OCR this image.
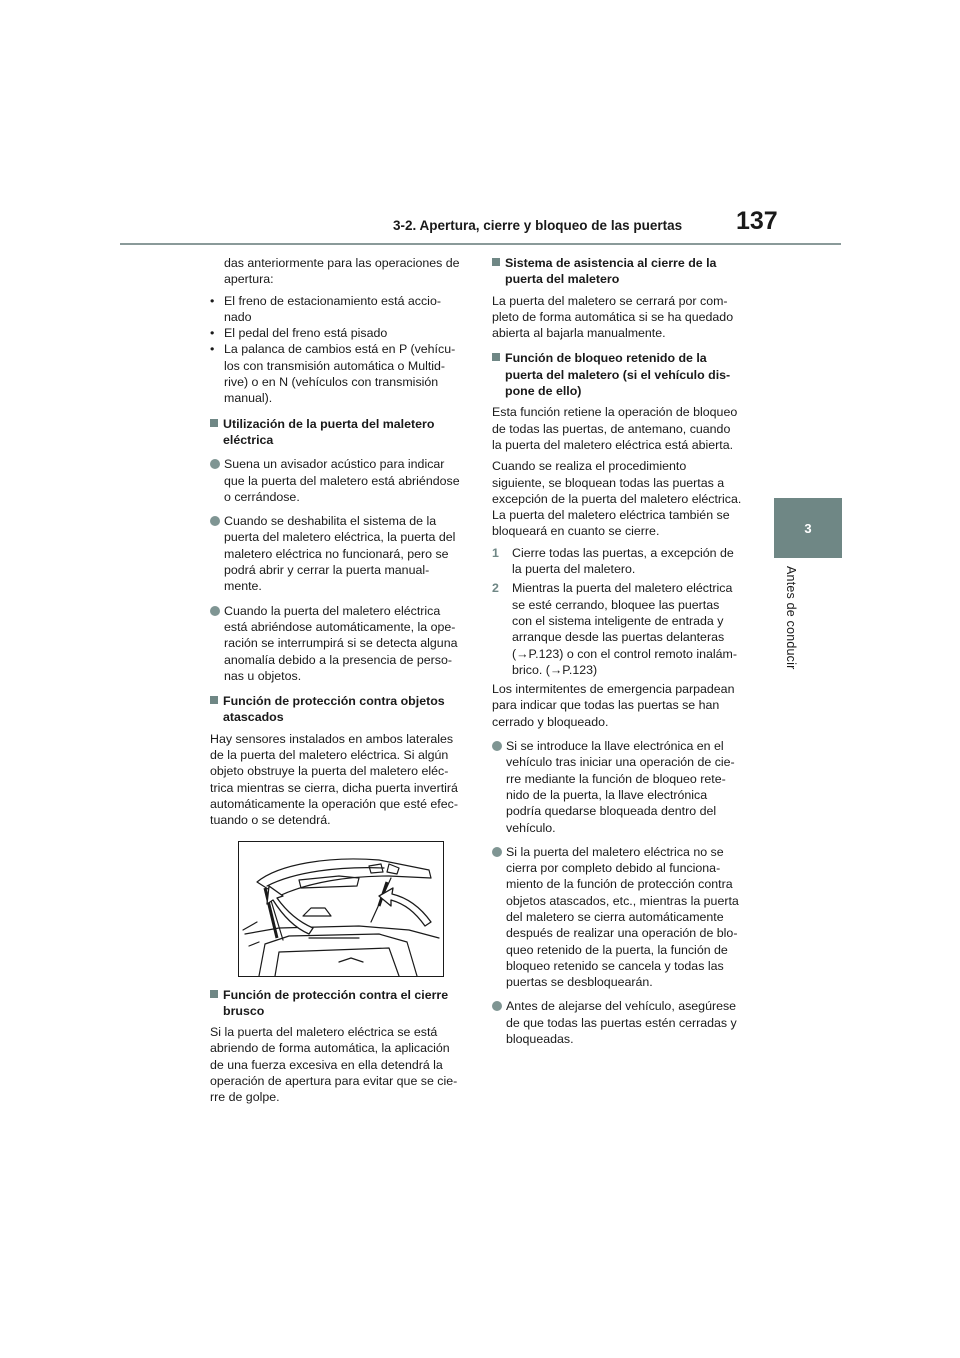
3-2. Apertura, cierre y bloqueo de las puertas 137
3
Antes de conducir
das anteriormente para las operaciones de
apertura:
• El freno de estacionamiento está accio-
nado
• El pedal del freno está pisado
• La palanca de cambios está en P (vehícu-
los con transmisión automática o Multid-
rive) o en N (vehículos con transmisión
manual).
Utilización de la puerta del maletero
eléctrica
Suena un avisador acústico para indicar
que la puerta del maletero está abriéndose
o cerrándose.
Cuando se deshabilita el sistema de la
puerta del maletero eléctrica, la puerta del
maletero eléctrica no funcionará, pero se
podrá abrir y cerrar la puerta manual-
mente.
Cuando la puerta del maletero eléctrica
está abriéndose automáticamente, la ope-
ración se interrumpirá si se detecta alguna
anomalía debido a la presencia de perso-
nas u objetos.
Función de protección contra objetos
atascados
Hay sensores instalados en ambos laterales
de la puerta del maletero eléctrica. Si algún
objeto obstruye la puerta del maletero eléc-
trica mientras se cierra, dicha puerta invertirá
automáticamente la operación que esté efec-
tuando o se detendrá.
Función de protección contra el cierre
brusco
Si la puerta del maletero eléctrica se está
abriendo de forma automática, la aplicación
de una fuerza excesiva en ella detendrá la
operación de apertura para evitar que se cie-
rre de golpe.
Sistema de asistencia al cierre de la
puerta del maletero
La puerta del maletero se cerrará por com-
pleto de forma automática si se ha quedado
abierta al bajarla manualmente.
Función de bloqueo retenido de la
puerta del maletero (si el vehículo dis-
pone de ello)
Esta función retiene la operación de bloqueo
de todas las puertas, de antemano, cuando
la puerta del maletero eléctrica está abierta.
Cuando se realiza el procedimiento
siguiente, se bloquean todas las puertas a
excepción de la puerta del maletero eléctrica.
La puerta del maletero eléctrica también se
bloqueará en cuanto se cierre.
1 Cierre todas las puertas, a excepción de
la puerta del maletero.
2 Mientras la puerta del maletero eléctrica
se esté cerrando, bloquee las puertas
con el sistema inteligente de entrada y
arranque desde las puertas delanteras
(→P.123) o con el control remoto inalám-
brico. (→P.123)
Los intermitentes de emergencia parpadean
para indicar que todas las puertas se han
cerrado y bloqueado.
Si se introduce la llave electrónica en el
vehículo tras iniciar una operación de cie-
rre mediante la función de bloqueo rete-
nido de la puerta, la llave electrónica
podría quedarse bloqueada dentro del
vehículo.
Si la puerta del maletero eléctrica no se
cierra por completo debido al funciona-
miento de la función de protección contra
objetos atascados, etc., mientras la puerta
del maletero se cierra automáticamente
después de realizar una operación de blo-
queo retenido de la puerta, la función de
bloqueo retenido se cancela y todas las
puertas se desbloquearán.
Antes de alejarse del vehículo, asegúrese
de que todas las puertas estén cerradas y
bloqueadas.
